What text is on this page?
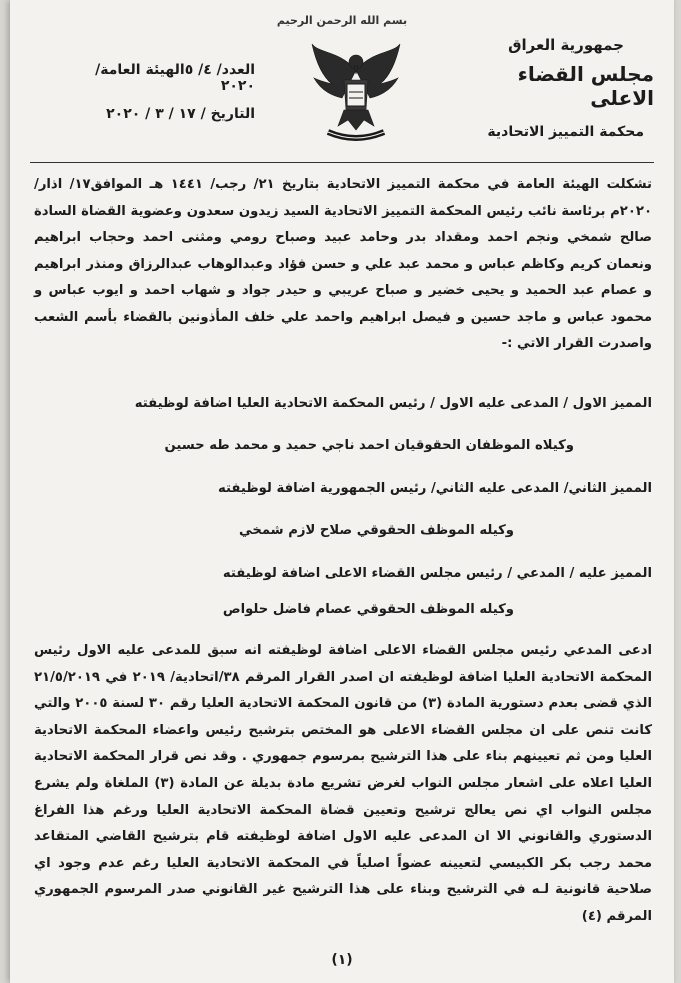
بسم الله الرحمن الرحيم
جمهورية العراق
مجلس القضاء الاعلى
محكمة التمييز الاتحادية
العدد/ ٤/ ٥الهيئة العامة/ ٢٠٢٠
التاريخ / ١٧ / ٣ / ٢٠٢٠
تشكلت الهيئة العامة في محكمة التمييز الاتحادية بتاريخ ٢١/ رجب/ ١٤٤١ هـ الموافق١٧/ اذار/ ٢٠٢٠م برئاسة نائب رئيس المحكمة التمييز الاتحادية السيد زيدون سعدون وعضوية القضاة السادة صالح شمخي ونجم احمد ومقداد بدر وحامد عبيد وصباح رومي ومثنى احمد وحجاب ابراهيم ونعمان كريم وكاظم عباس و محمد عبد علي و حسن فؤاد وعبدالوهاب عبدالرزاق ومنذر ابراهيم و عصام عبد الحميد و يحيى خضير و صباح عريبي و حيدر جواد و شهاب احمد و ايوب عباس و محمود عباس و ماجد حسين و فيصل ابراهيم واحمد علي خلف المأذونين بالقضاء بأسم الشعب واصدرت القرار الاتي :-
المميز الاول / المدعى عليه الاول / رئيس المحكمة الاتحادية العليا اضافة لوظيفته
وكيلاه الموظفان الحقوقيان احمد ناجي حميد و محمد طه حسين
المميز الثاني/ المدعى عليه الثاني/ رئيس الجمهورية اضافة لوظيفته
وكيله الموظف الحقوقي صلاح لازم شمخي
المميز عليه / المدعي / رئيس مجلس القضاء الاعلى اضافة لوظيفته
وكيله الموظف الحقوقي عصام فاضل حلواص
ادعى المدعي رئيس مجلس القضاء الاعلى اضافة لوظيفته انه سبق للمدعى عليه الاول رئيس المحكمة الاتحادية العليا اضافة لوظيفته ان اصدر القرار المرقم ٣٨/اتحادية/ ٢٠١٩ في ٢١/٥/٢٠١٩ الذي قضى بعدم دستورية المادة (٣) من قانون المحكمة الاتحادية العليا رقم ٣٠ لسنة ٢٠٠٥ والتي كانت تنص على ان مجلس القضاء الاعلى هو المختص بترشيح رئيس واعضاء المحكمة الاتحادية العليا ومن ثم تعيينهم بناء على هذا الترشيح بمرسوم جمهوري . وقد نص قرار المحكمة الاتحادية العليا اعلاه على اشعار مجلس النواب لغرض تشريع مادة بديلة عن المادة (٣) الملغاة ولم يشرع مجلس النواب اي نص يعالج ترشيح وتعيين قضاة المحكمة الاتحادية العليا ورغم هذا الفراغ الدستوري والقانوني الا ان المدعى عليه الاول اضافة لوظيفته قام بترشيح القاضي المتقاعد محمد رجب بكر الكبيسي لتعيينه عضواً اصلياً في المحكمة الاتحادية العليا رغم عدم وجود اي صلاحية قانونية لـه في الترشيح وبناء على هذا الترشيح غير القانوني صدر المرسوم الجمهوري المرقم (٤)
(١)
